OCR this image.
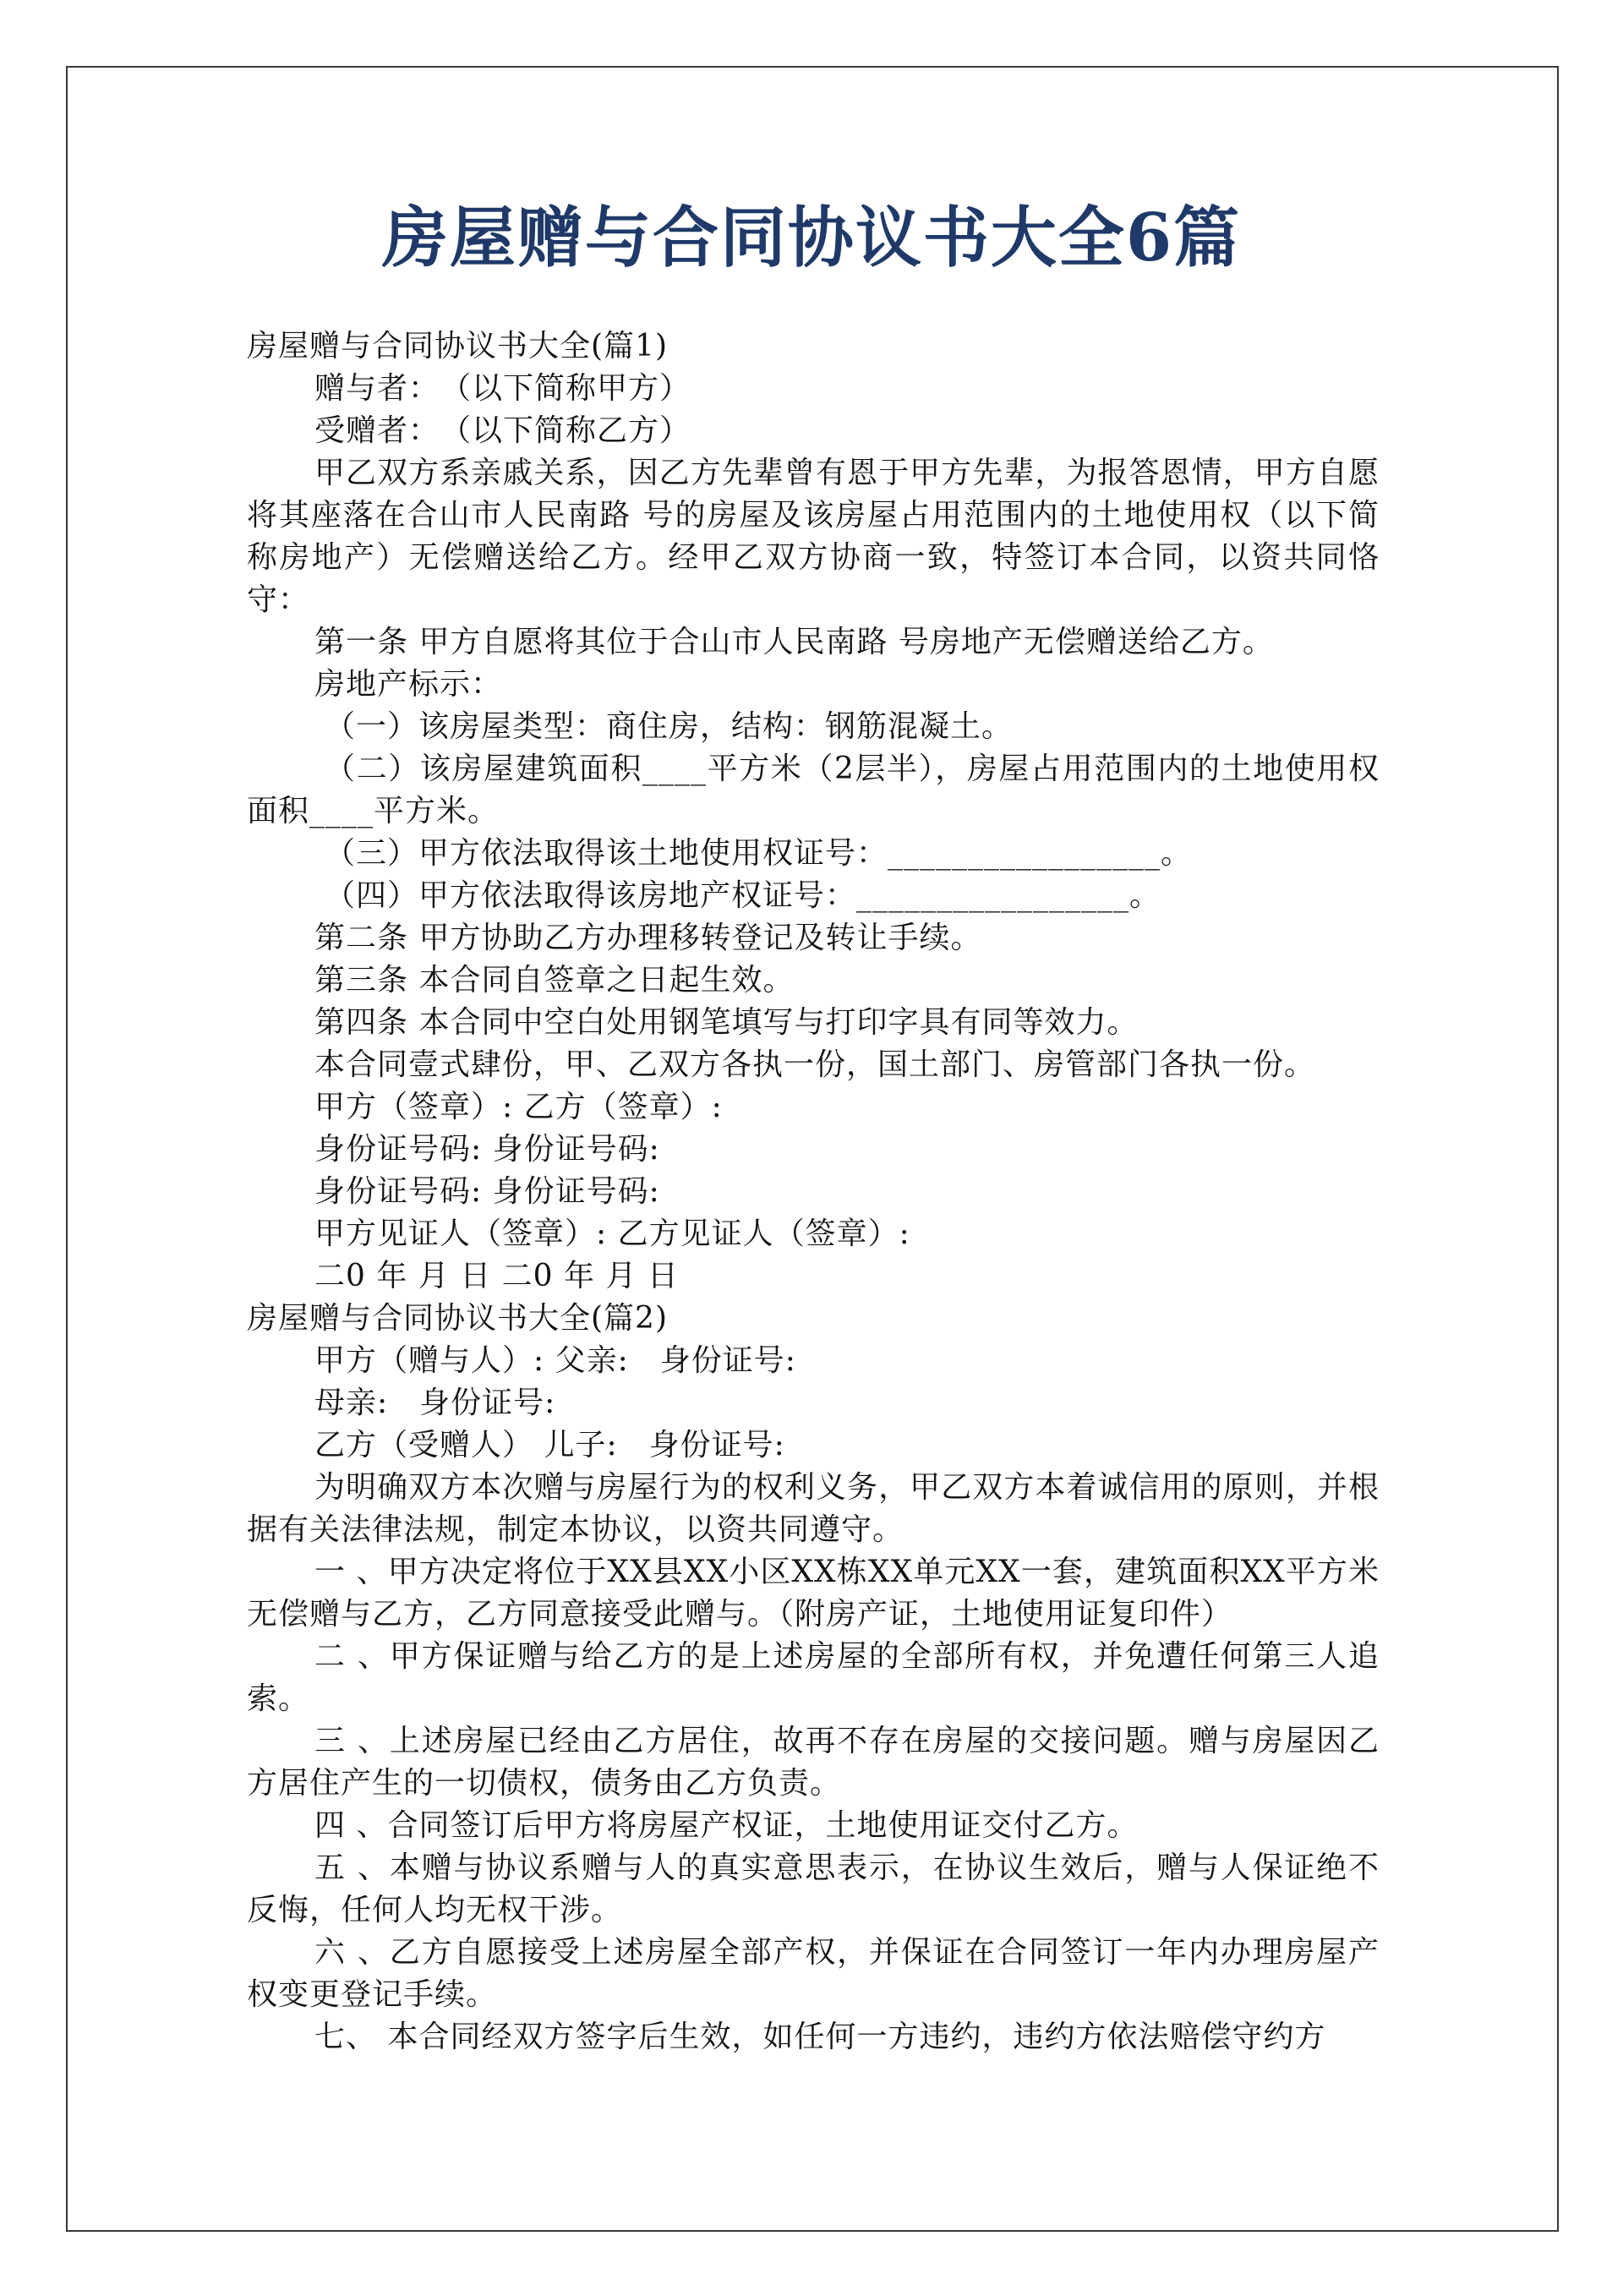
房屋赠与合同协议书大全6篇

房屋赠与合同协议书大全(篇1)

赠与者：　（以下简称甲方）

受赠者：　（以下简称乙方）

甲乙双方系亲戚关系，因乙方先辈曾有恩于甲方先辈，为报答恩情，甲方自愿将其座落在合山市人民南路 号的房屋及该房屋占用范围内的土地使用权（以下简称房地产）无偿赠送给乙方。经甲乙双方协商一致，特签订本合同，以资共同恪守：

第一条 甲方自愿将其位于合山市人民南路 号房地产无偿赠送给乙方。

房地产标示：

（一）该房屋类型：商住房，结构：钢筋混凝土。

（二）该房屋建筑面积____平方米（2层半），房屋占用范围内的土地使用权面积____平方米。

（三）甲方依法取得该土地使用权证号：_________________。

（四）甲方依法取得该房地产权证号：_________________。

第二条 甲方协助乙方办理移转登记及转让手续。

第三条 本合同自签章之日起生效。

第四条 本合同中空白处用钢笔填写与打印字具有同等效力。

本合同壹式肆份，甲、乙双方各执一份，国土部门、房管部门各执一份。

甲方（签章）: 乙方（签章）:

身份证号码: 身份证号码:

身份证号码: 身份证号码:

甲方见证人（签章）: 乙方见证人（签章）:

二0 年 月 日 二0 年 月 日

房屋赠与合同协议书大全(篇2)

甲方（赠与人）: 父亲:　身份证号:

母亲:　身份证号:

乙方（受赠人） 儿子:　身份证号:

为明确双方本次赠与房屋行为的权利义务，甲乙双方本着诚信用的原则，并根据有关法律法规，制定本协议，以资共同遵守。

一 、甲方决定将位于XX县XX小区XX栋XX单元XX一套，建筑面积XX平方米无偿赠与乙方，乙方同意接受此赠与。（附房产证，土地使用证复印件）

二 、甲方保证赠与给乙方的是上述房屋的全部所有权，并免遭任何第三人追索。

三 、上述房屋已经由乙方居住，故再不存在房屋的交接问题。赠与房屋因乙方居住产生的一切债权，债务由乙方负责。

四 、合同签订后甲方将房屋产权证，土地使用证交付乙方。

五 、本赠与协议系赠与人的真实意思表示，在协议生效后，赠与人保证绝不反悔，任何人均无权干涉。

六 、乙方自愿接受上述房屋全部产权，并保证在合同签订一年内办理房屋产权变更登记手续。

七、 本合同经双方签字后生效，如任何一方违约，违约方依法赔偿守约方
